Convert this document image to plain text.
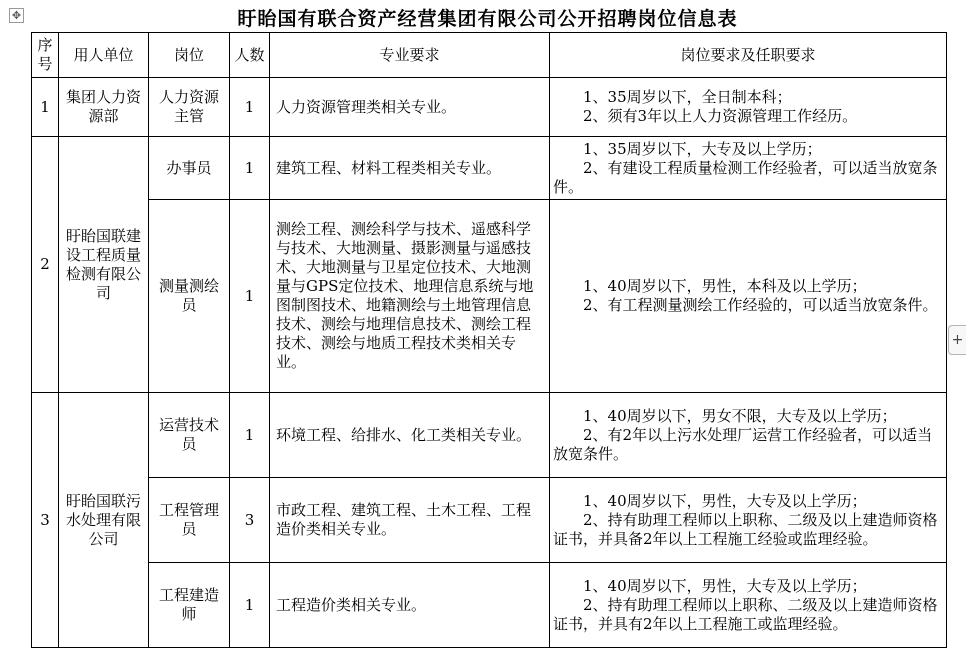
✥	盱眙国有联合资产经营集团有限公司公开招聘岗位信息表
序号	用人单位	岗位	人数	专业要求	岗位要求及任职要求
1	集团人力资源部	人力资源主管	1	人力资源管理类相关专业。	1、35周岁以下，全日制本科；

2、须有3年以上人力资源管理工作经历。

2	盱眙国联建设工程质量检测有限公司	办事员	1	建筑工程、材料工程类相关专业。	1、35周岁以下，大专及以上学历；

2、有建设工程质量检测工作经验者，可以适当放宽条件。

		测量测绘员	1	测绘工程、测绘科学与技术、遥感科学与技术、大地测量、摄影测量与遥感技术、大地测量与卫星定位技术、大地测量与GPS定位技术、地理信息系统与地图制图技术、地籍测绘与土地管理信息技术、测绘与地理信息技术、测绘工程技术、测绘与地质工程技术类相关专业。	1、40周岁以下，男性，本科及以上学历；

2、有工程测量测绘工作经验的，可以适当放宽条件。

3	盱眙国联污水处理有限公司	运营技术员	1	环境工程、给排水、化工类相关专业。	1、40周岁以下，男女不限，大专及以上学历；

2、有2年以上污水处理厂运营工作经验者，可以适当放宽条件。

		工程管理员	3	市政工程、建筑工程、土木工程、工程造价类相关专业。	1、40周岁以下，男性，大专及以上学历；

2、持有助理工程师以上职称、二级及以上建造师资格证书，并具备2年以上工程施工经验或监理经验。

		工程建造师	1	工程造价类相关专业。	1、40周岁以下，男性，大专及以上学历；

2、持有助理工程师以上职称、二级及以上建造师资格证书，并具有2年以上工程施工或监理经验。

+
